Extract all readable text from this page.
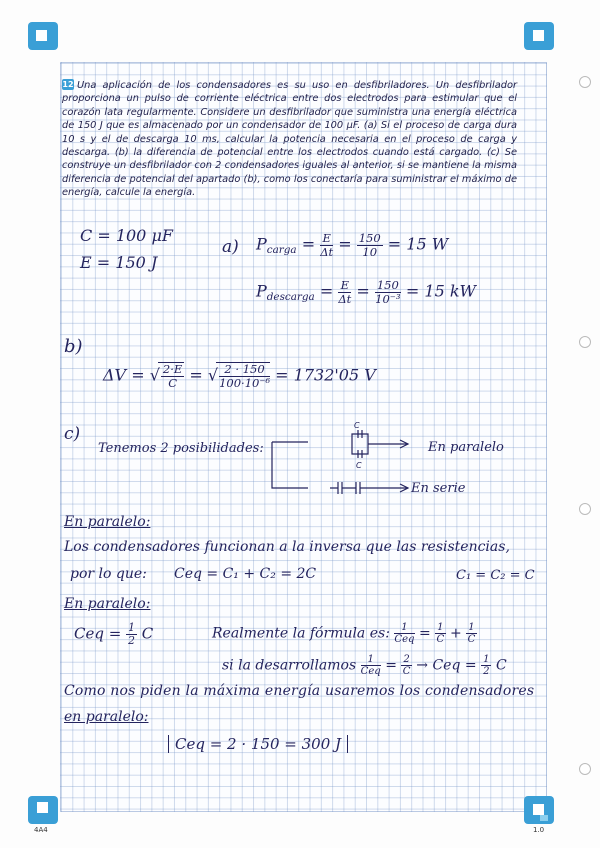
4A4	1.0
12 Una aplicación de los condensadores es su uso en desfibriladores. Un desfibrilador proporciona un pulso de corriente eléctrica entre dos electrodos para estimular que el corazón lata regularmente. Considere un desfibrilador que suministra una energía eléctrica de 150 J que es almacenado por un condensador de 100 μF. (a) Si el proceso de carga dura 10 s y el de descarga 10 ms, calcular la potencia necesaria en el proceso de carga y descarga. (b) la diferencia de potencial entre los electrodos cuando está cargado. (c) Se construye un desfibrilador con 2 condensadores iguales al anterior, si se mantiene la misma diferencia de potencial del apartado (b), como los conectaría para suministrar el máximo de energía, calcule la energía.
C = 100 μF
E = 150 J
a) $P_{carga} = \frac{E}{\Delta t} = \frac{150}{10} = 15$ W
$P_{descarga} = \frac{E}{\Delta t} = \frac{150}{\text{10⁻³}} = 15$ kW
b)
ΔV = √ $\frac{2\cdot E}{C}$ = √ $\frac{2 \cdot 150}{\text{100·10⁻⁶}} = 1732'05$ V
c)
Tenemos 2 posibilidades:
C
C
En paralelo
En serie
En paralelo:
Los condensadores funcionan a la inversa que las resistencias,
por lo que: Ceq = C₁ + C₂ = 2C	C₁ = C₂ = C
En paralelo:
Ceq = $\frac{1}{2}$ C	Realmente la fórmula es: $\frac{1}{\text{Ceq}} = \frac{1}{C} + \frac{1}{C}$
si la desarrollamos $\frac{1}{\text{Ceq}} = \frac{2}{C}$ → Ceq = $\frac{1}{2}$ C
Como nos piden la máxima energía usaremos los condensadores
en paralelo:
Ceq = 2 · 150 = 300 J
